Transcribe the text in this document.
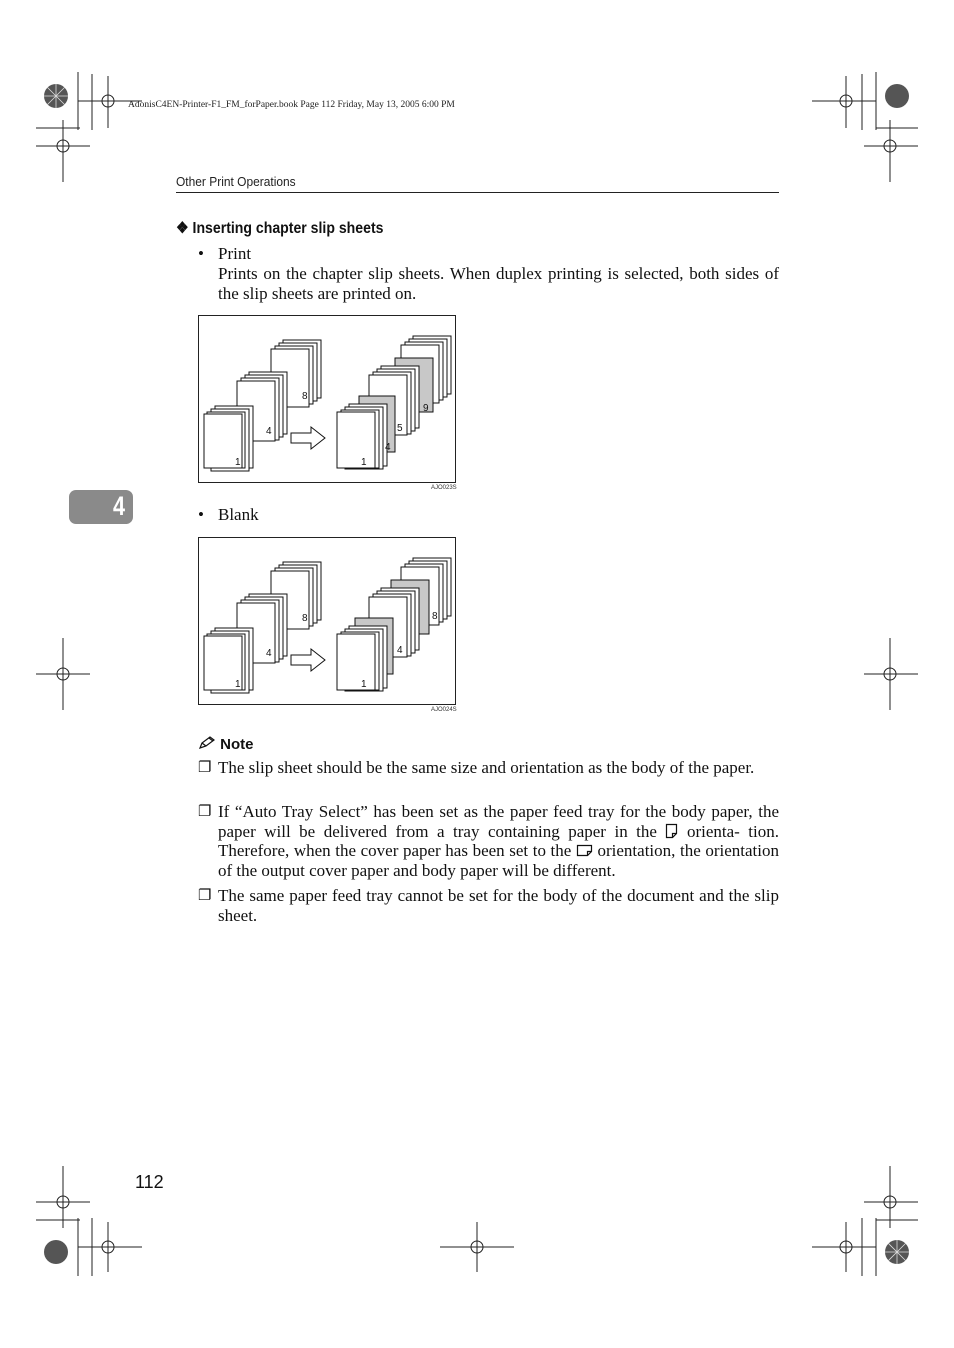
AdonisC4EN-Printer-F1_FM_forPaper.book Page 112 Friday, May 13, 2005 6:00 PM
Other Print Operations
4
❖ Inserting chapter slip sheets
• Print
Prints on the chapter slip sheets. When duplex printing is selected, both sides of the slip sheets are printed on.
1
4
8
1
4
5
9
AJO023S
• Blank
1
4
8
1
4
8
AJO024S
Note
❐ The slip sheet should be the same size and orientation as the body of the paper.
❐ If “Auto Tray Select” has been set as the paper feed tray for the body paper, the paper will be delivered from a tray containing paper in the orienta- tion. Therefore, when the cover paper has been set to the orientation, the orientation of the output cover paper and body paper will be different.
❐ The same paper feed tray cannot be set for the body of the document and the slip sheet.
112
